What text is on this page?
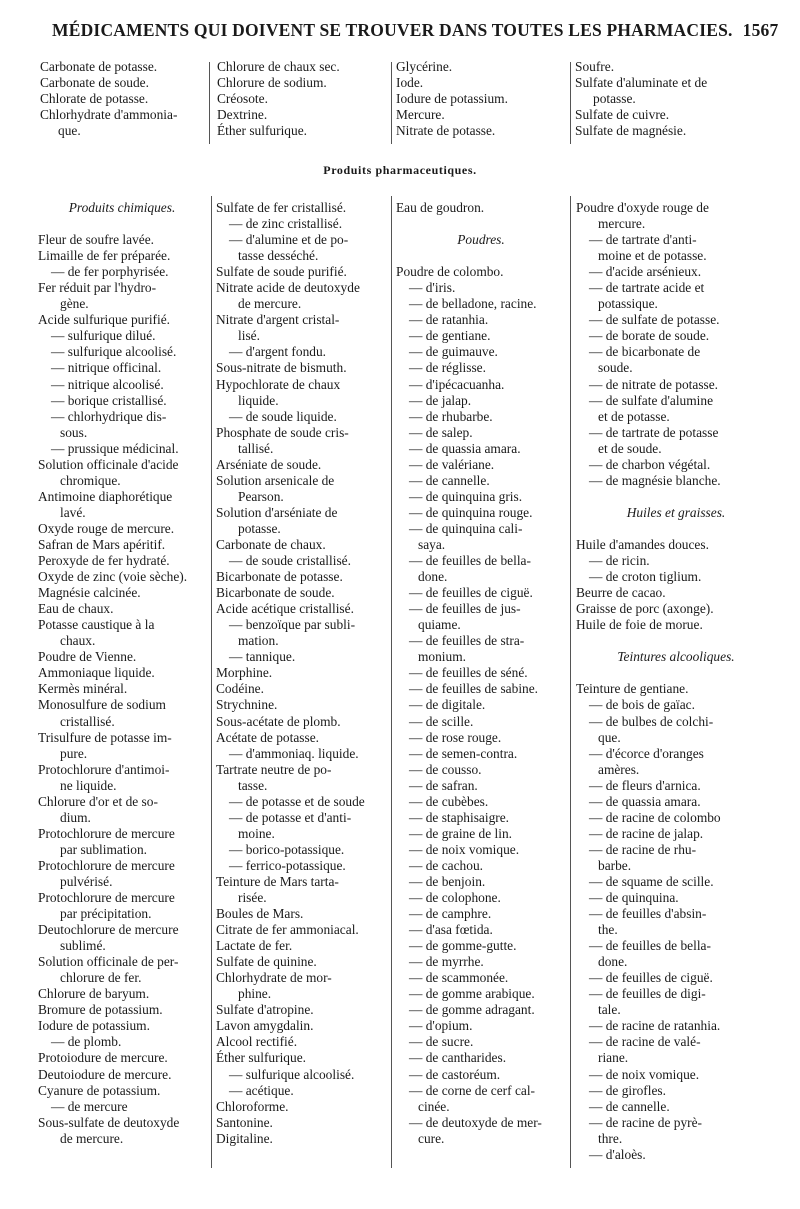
MÉDICAMENTS QUI DOIVENT SE TROUVER DANS TOUTES LES PHARMACIES. 1567
Carbonate de potasse.
Carbonate de soude.
Chlorate de potasse.
Chlorhydrate d'ammonia-
que.
Chlorure de chaux sec.
Chlorure de sodium.
Créosote.
Dextrine.
Éther sulfurique.
Glycérine.
Iode.
Iodure de potassium.
Mercure.
Nitrate de potasse.
Soufre.
Sulfate d'aluminate et de
potasse.
Sulfate de cuivre.
Sulfate de magnésie.
Produits pharmaceutiques.
Produits chimiques.
Fleur de soufre lavée.
Limaille de fer préparée.
— de fer porphyrisée.
Fer réduit par l'hydro-
gène.
Acide sulfurique purifié.
— sulfurique dilué.
— sulfurique alcoolisé.
— nitrique officinal.
— nitrique alcoolisé.
— borique cristallisé.
— chlorhydrique dis-
sous.
— prussique médicinal.
Solution officinale d'acide
chromique.
Antimoine diaphorétique
lavé.
Oxyde rouge de mercure.
Safran de Mars apéritif.
Peroxyde de fer hydraté.
Oxyde de zinc (voie sèche).
Magnésie calcinée.
Eau de chaux.
Potasse caustique à la
chaux.
Poudre de Vienne.
Ammoniaque liquide.
Kermès minéral.
Monosulfure de sodium
cristallisé.
Trisulfure de potasse im-
pure.
Protochlorure d'antimoi-
ne liquide.
Chlorure d'or et de so-
dium.
Protochlorure de mercure
par sublimation.
Protochlorure de mercure
pulvérisé.
Protochlorure de mercure
par précipitation.
Deutochlorure de mercure
sublimé.
Solution officinale de per-
chlorure de fer.
Chlorure de baryum.
Bromure de potassium.
Iodure de potassium.
— de plomb.
Protoiodure de mercure.
Deutoiodure de mercure.
Cyanure de potassium.
— de mercure
Sous-sulfate de deutoxyde
de mercure.
Sulfate de fer cristallisé.
— de zinc cristallisé.
— d'alumine et de po-
tasse desséché.
Sulfate de soude purifié.
Nitrate acide de deutoxyde
de mercure.
Nitrate d'argent cristal-
lisé.
— d'argent fondu.
Sous-nitrate de bismuth.
Hypochlorate de chaux
liquide.
— de soude liquide.
Phosphate de soude cris-
tallisé.
Arséniate de soude.
Solution arsenicale de
Pearson.
Solution d'arséniate de
potasse.
Carbonate de chaux.
— de soude cristallisé.
Bicarbonate de potasse.
Bicarbonate de soude.
Acide acétique cristallisé.
— benzoïque par subli-
mation.
— tannique.
Morphine.
Codéine.
Strychnine.
Sous-acétate de plomb.
Acétate de potasse.
— d'ammoniaq. liquide.
Tartrate neutre de po-
tasse.
— de potasse et de soude
— de potasse et d'anti-
moine.
— borico-potassique.
— ferrico-potassique.
Teinture de Mars tarta-
risée.
Boules de Mars.
Citrate de fer ammoniacal.
Lactate de fer.
Sulfate de quinine.
Chlorhydrate de mor-
phine.
Sulfate d'atropine.
Lavon amygdalin.
Alcool rectifié.
Éther sulfurique.
— sulfurique alcoolisé.
— acétique.
Chloroforme.
Santonine.
Digitaline.
Eau de goudron.
Poudres.
Poudre de colombo.
— d'iris.
— de belladone, racine.
— de ratanhia.
— de gentiane.
— de guimauve.
— de réglisse.
— d'ipécacuanha.
— de jalap.
— de rhubarbe.
— de salep.
— de quassia amara.
— de valériane.
— de cannelle.
— de quinquina gris.
— de quinquina rouge.
— de quinquina cali-
saya.
— de feuilles de bella-
done.
— de feuilles de ciguë.
— de feuilles de jus-
quiame.
— de feuilles de stra-
monium.
— de feuilles de séné.
— de feuilles de sabine.
— de digitale.
— de scille.
— de rose rouge.
— de semen-contra.
— de cousso.
— de safran.
— de cubèbes.
— de staphisaigre.
— de graine de lin.
— de noix vomique.
— de cachou.
— de benjoin.
— de colophone.
— de camphre.
— d'asa fœtida.
— de gomme-gutte.
— de myrrhe.
— de scammonée.
— de gomme arabique.
— de gomme adragant.
— d'opium.
— de sucre.
— de cantharides.
— de castoréum.
— de corne de cerf cal-
cinée.
— de deutoxyde de mer-
cure.
Poudre d'oxyde rouge de
mercure.
— de tartrate d'anti-
moine et de potasse.
— d'acide arsénieux.
— de tartrate acide et
potassique.
— de sulfate de potasse.
— de borate de soude.
— de bicarbonate de
soude.
— de nitrate de potasse.
— de sulfate d'alumine
et de potasse.
— de tartrate de potasse
et de soude.
— de charbon végétal.
— de magnésie blanche.
Huiles et graisses.
Huile d'amandes douces.
— de ricin.
— de croton tiglium.
Beurre de cacao.
Graisse de porc (axonge).
Huile de foie de morue.
Teintures alcooliques.
Teinture de gentiane.
— de bois de gaïac.
— de bulbes de colchi-
que.
— d'écorce d'oranges
amères.
— de fleurs d'arnica.
— de quassia amara.
— de racine de colombo
— de racine de jalap.
— de racine de rhu-
barbe.
— de squame de scille.
— de quinquina.
— de feuilles d'absin-
the.
— de feuilles de bella-
done.
— de feuilles de ciguë.
— de feuilles de digi-
tale.
— de racine de ratanhia.
— de racine de valé-
riane.
— de noix vomique.
— de girofles.
— de cannelle.
— de racine de pyrè-
thre.
— d'aloès.
